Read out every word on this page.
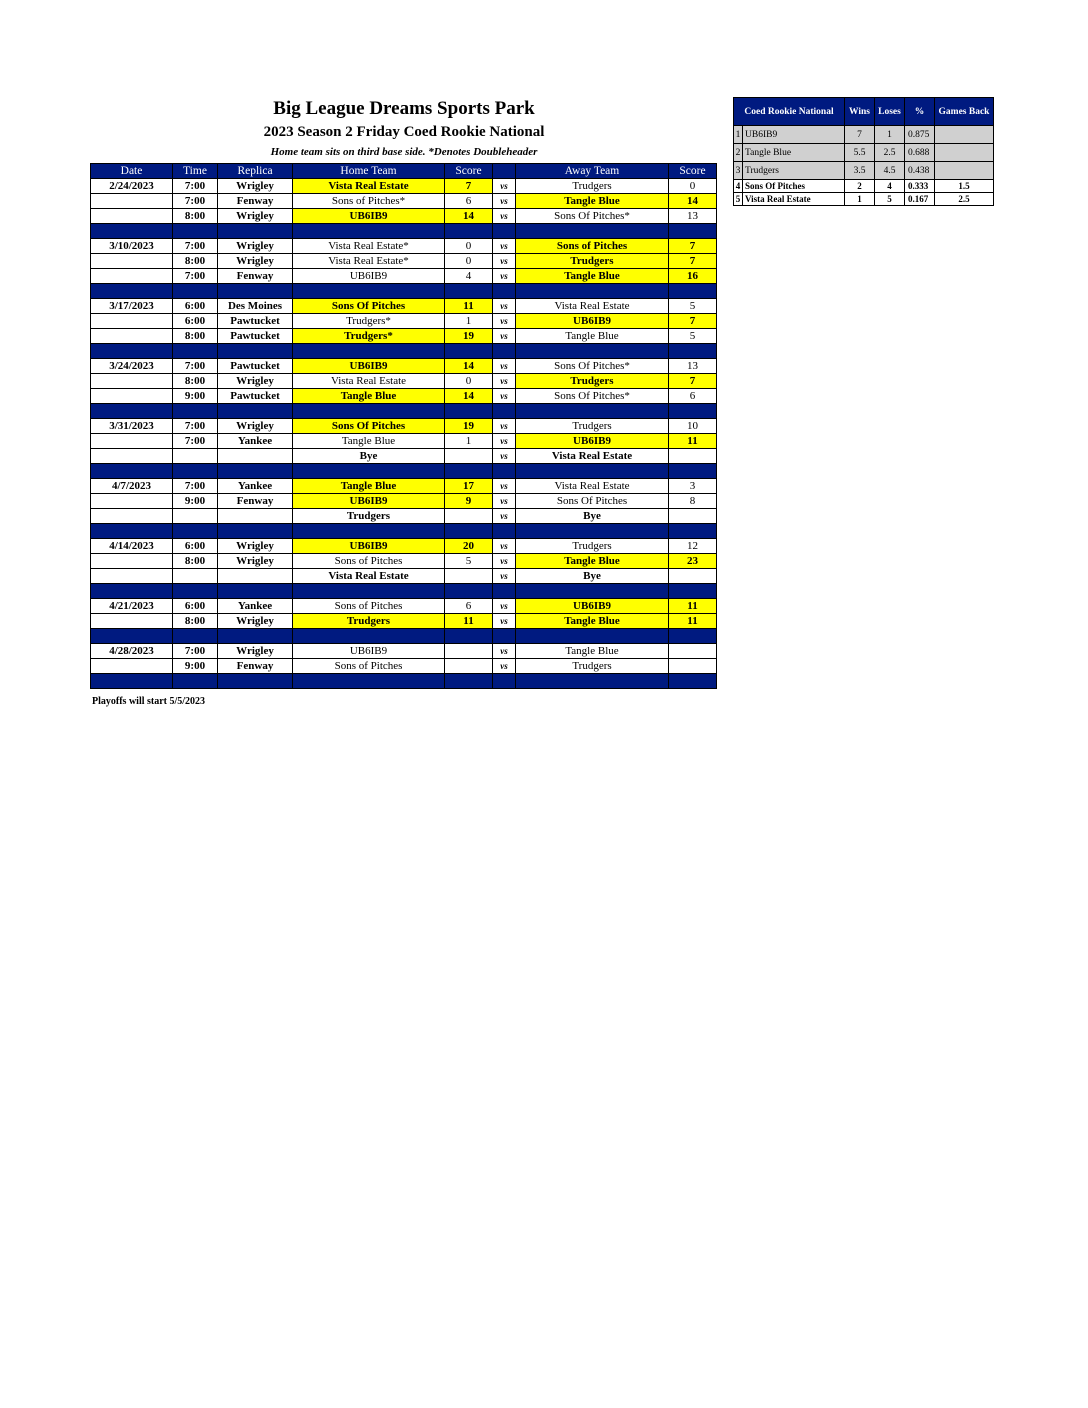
Big League Dreams Sports Park
2023 Season 2 Friday Coed Rookie National
Home team sits on third base side. *Denotes Doubleheader
Date	Time	Replica	Home Team	Score		Away Team	Score
2/24/2023	7:00	Wrigley	Vista Real Estate	7	vs	Trudgers	0
	7:00	Fenway	Sons of Pitches*	6	vs	Tangle Blue	14
	8:00	Wrigley	UB6IB9	14	vs	Sons Of Pitches*	13

3/10/2023	7:00	Wrigley	Vista Real Estate*	0	vs	Sons of Pitches	7
	8:00	Wrigley	Vista Real Estate*	0	vs	Trudgers	7
	7:00	Fenway	UB6IB9	4	vs	Tangle Blue	16

3/17/2023	6:00	Des Moines	Sons Of Pitches	11	vs	Vista Real Estate	5
	6:00	Pawtucket	Trudgers*	1	vs	UB6IB9	7
	8:00	Pawtucket	Trudgers*	19	vs	Tangle Blue	5

3/24/2023	7:00	Pawtucket	UB6IB9	14	vs	Sons Of Pitches*	13
	8:00	Wrigley	Vista Real Estate	0	vs	Trudgers	7
	9:00	Pawtucket	Tangle Blue	14	vs	Sons Of Pitches*	6

3/31/2023	7:00	Wrigley	Sons Of Pitches	19	vs	Trudgers	10
	7:00	Yankee	Tangle Blue	1	vs	UB6IB9	11
			Bye		vs	Vista Real Estate	

4/7/2023	7:00	Yankee	Tangle Blue	17	vs	Vista Real Estate	3
	9:00	Fenway	UB6IB9	9	vs	Sons Of Pitches	8
			Trudgers		vs	Bye	

4/14/2023	6:00	Wrigley	UB6IB9	20	vs	Trudgers	12
	8:00	Wrigley	Sons of Pitches	5	vs	Tangle Blue	23
			Vista Real Estate		vs	Bye	

4/21/2023	6:00	Yankee	Sons of Pitches	6	vs	UB6IB9	11
	8:00	Wrigley	Trudgers	11	vs	Tangle Blue	11

4/28/2023	7:00	Wrigley	UB6IB9		vs	Tangle Blue	
	9:00	Fenway	Sons of Pitches		vs	Trudgers	

Playoffs will start 5/5/2023
Coed Rookie National		Wins	Loses	%	Games Back
1	UB6IB9	7	1	0.875	
2	Tangle Blue	5.5	2.5	0.688	
3	Trudgers	3.5	4.5	0.438	
4	Sons Of Pitches	2	4	0.333	1.5
5	Vista Real Estate	1	5	0.167	2.5
